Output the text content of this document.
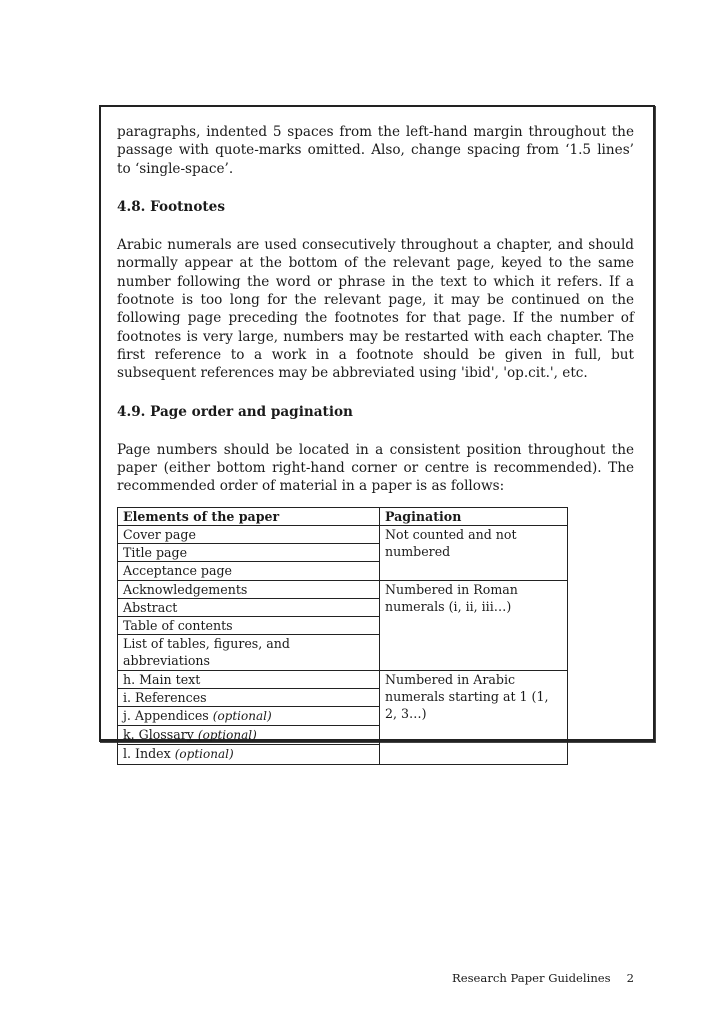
paragraphs, indented 5 spaces from the left-hand margin throughout the passage with quote-marks omitted. Also, change spacing from ‘1.5 lines’ to ‘single-space’.

4.8. Footnotes

Arabic numerals are used consecutively throughout a chapter, and should normally appear at the bottom of the relevant page, keyed to the same number following the word or phrase in the text to which it refers. If a footnote is too long for the relevant page, it may be continued on the following page preceding the footnotes for that page. If the number of footnotes is very large, numbers may be restarted with each chapter. The first reference to a work in a footnote should be given in full, but subsequent references may be abbreviated using 'ibid', 'op.cit.', etc.

4.9. Page order and pagination

Page numbers should be located in a consistent position throughout the paper (either bottom right-hand corner or centre is recommended). The recommended order of material in a paper is as follows:

Elements of the paper	Pagination
Cover page	Not counted and not numbered
Title page	
Acceptance page	
Acknowledgements	Numbered in Roman numerals (i, ii, iii…)
Abstract	
Table of contents	
List of tables, figures, and abbreviations	
h. Main text	Numbered in Arabic numerals starting at 1 (1, 2, 3…)
i. References	
j. Appendices (optional)	
k. Glossary (optional)	
l. Index (optional)	
Research Paper Guidelines 2
